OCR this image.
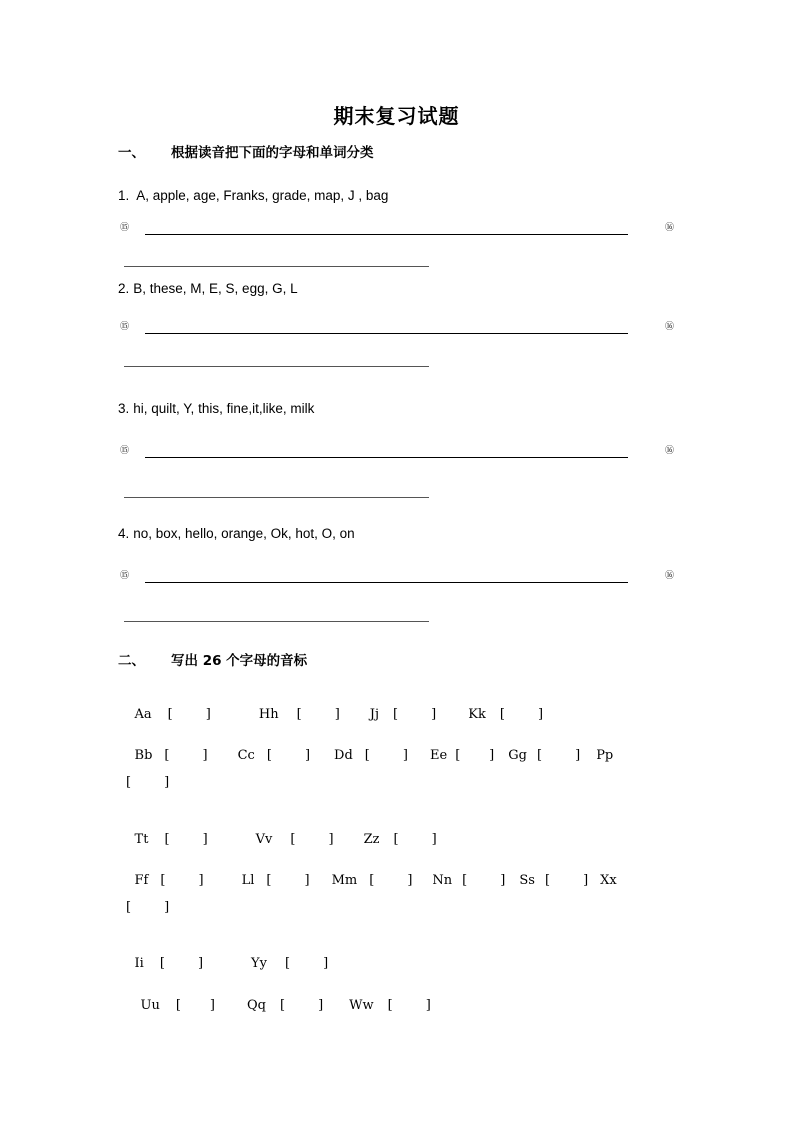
期末复习试题
一、 根据读音把下面的字母和单词分类
1. A, apple, age, Franks, grade, map, J , bag
⑮	⑯
2. B, these, M, E, S, egg, G, L
⑮	⑯
3. hi, quilt, Y, this, fine,it,like, milk
⑮	⑯
4. no, box, hello, orange, Ok, hot, O, on
⑮	⑯
二、 写出 26 个字母的音标

Aa [        ]	Hh [        ] Jj [        ] Kk [        ]

Bb [        ] Cc [        ] Dd [        ] Ee [       ] Gg [        ] Pp

[        ]

Tt [        ]	Vv [        ] Zz [        ]

Ff [        ]	Ll [        ] Mm [        ] Nn [        ] Ss [        ] Xx

[        ]

Ii [        ]	Yy [        ]

Uu [       ] Qq [        ] Ww [        ]
